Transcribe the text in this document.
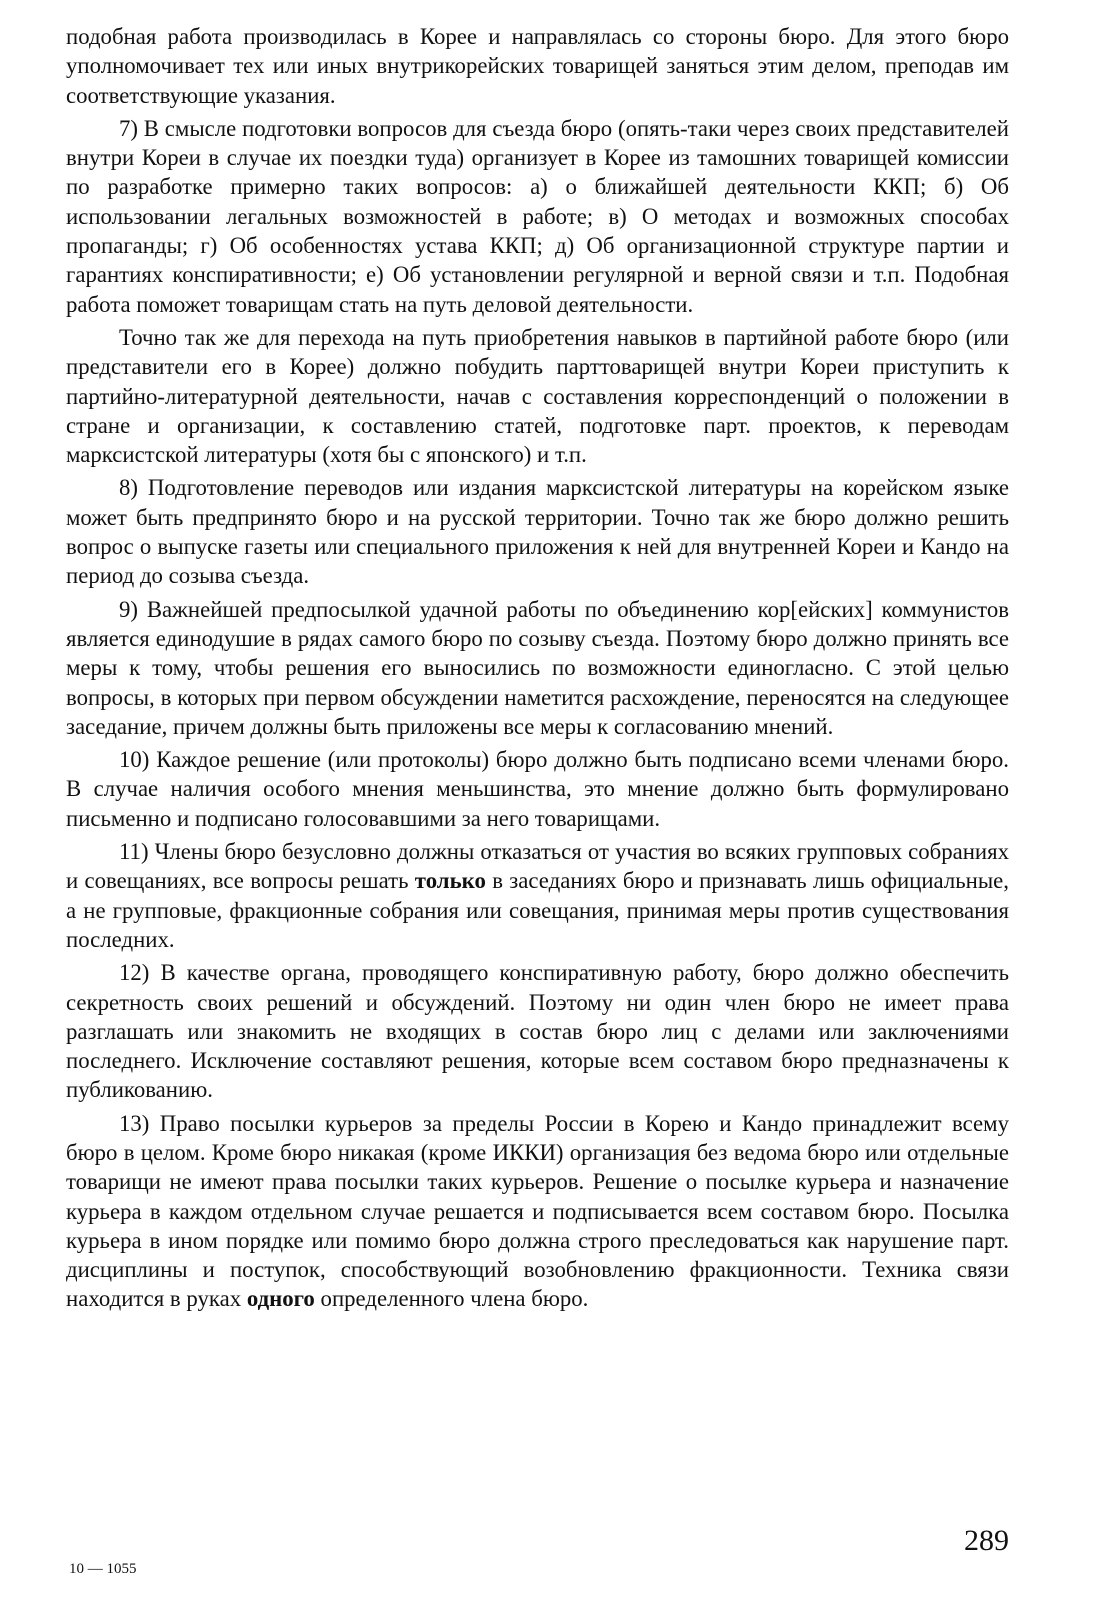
подобная работа производилась в Корее и направлялась со стороны бюро. Для этого бюро уполномочивает тех или иных внутрикорейских товарищей заняться этим делом, преподав им соответствующие указания.

7) В смысле подготовки вопросов для съезда бюро (опять-таки через своих представителей внутри Кореи в случае их поездки туда) организует в Корее из тамошних товарищей комиссии по разработке примерно таких вопросов: а) о ближайшей деятельности ККП; б) Об использовании легальных возможностей в работе; в) О методах и возможных способах пропаганды; г) Об особенностях устава ККП; д) Об организационной структуре партии и гарантиях конспиративности; е) Об установлении регулярной и верной связи и т.п. Подобная работа поможет товарищам стать на путь деловой деятельности.

Точно так же для перехода на путь приобретения навыков в партийной работе бюро (или представители его в Корее) должно побудить парттоварищей внутри Кореи приступить к партийно-литературной деятельности, начав с составления корреспонденций о положении в стране и организации, к составлению статей, подготовке парт. проектов, к переводам марксистской литературы (хотя бы с японского) и т.п.

8) Подготовление переводов или издания марксистской литературы на корейском языке может быть предпринято бюро и на русской территории. Точно так же бюро должно решить вопрос о выпуске газеты или специального приложения к ней для внутренней Кореи и Кандо на период до созыва съезда.

9) Важнейшей предпосылкой удачной работы по объединению кор[ейских] коммунистов является единодушие в рядах самого бюро по созыву съезда. Поэтому бюро должно принять все меры к тому, чтобы решения его выносились по возможности единогласно. С этой целью вопросы, в которых при первом обсуждении наметится расхождение, переносятся на следующее заседание, причем должны быть приложены все меры к согласованию мнений.

10) Каждое решение (или протоколы) бюро должно быть подписано всеми членами бюро. В случае наличия особого мнения меньшинства, это мнение должно быть формулировано письменно и подписано голосовавшими за него товарищами.

11) Члены бюро безусловно должны отказаться от участия во всяких групповых собраниях и совещаниях, все вопросы решать только в заседаниях бюро и признавать лишь официальные, а не групповые, фракционные собрания или совещания, принимая меры против существования последних.

12) В качестве органа, проводящего конспиративную работу, бюро должно обеспечить секретность своих решений и обсуждений. Поэтому ни один член бюро не имеет права разглашать или знакомить не входящих в состав бюро лиц с делами или заключениями последнего. Исключение составляют решения, которые всем составом бюро предназначены к публикованию.

13) Право посылки курьеров за пределы России в Корею и Кандо принадлежит всему бюро в целом. Кроме бюро никакая (кроме ИККИ) организация без ведома бюро или отдельные товарищи не имеют права посылки таких курьеров. Решение о посылке курьера и назначение курьера в каждом отдельном случае решается и подписывается всем составом бюро. Посылка курьера в ином порядке или помимо бюро должна строго преследоваться как нарушение парт. дисциплины и поступок, способствующий возобновлению фракционности. Техника связи находится в руках одного определенного члена бюро.

10 — 1055
289
